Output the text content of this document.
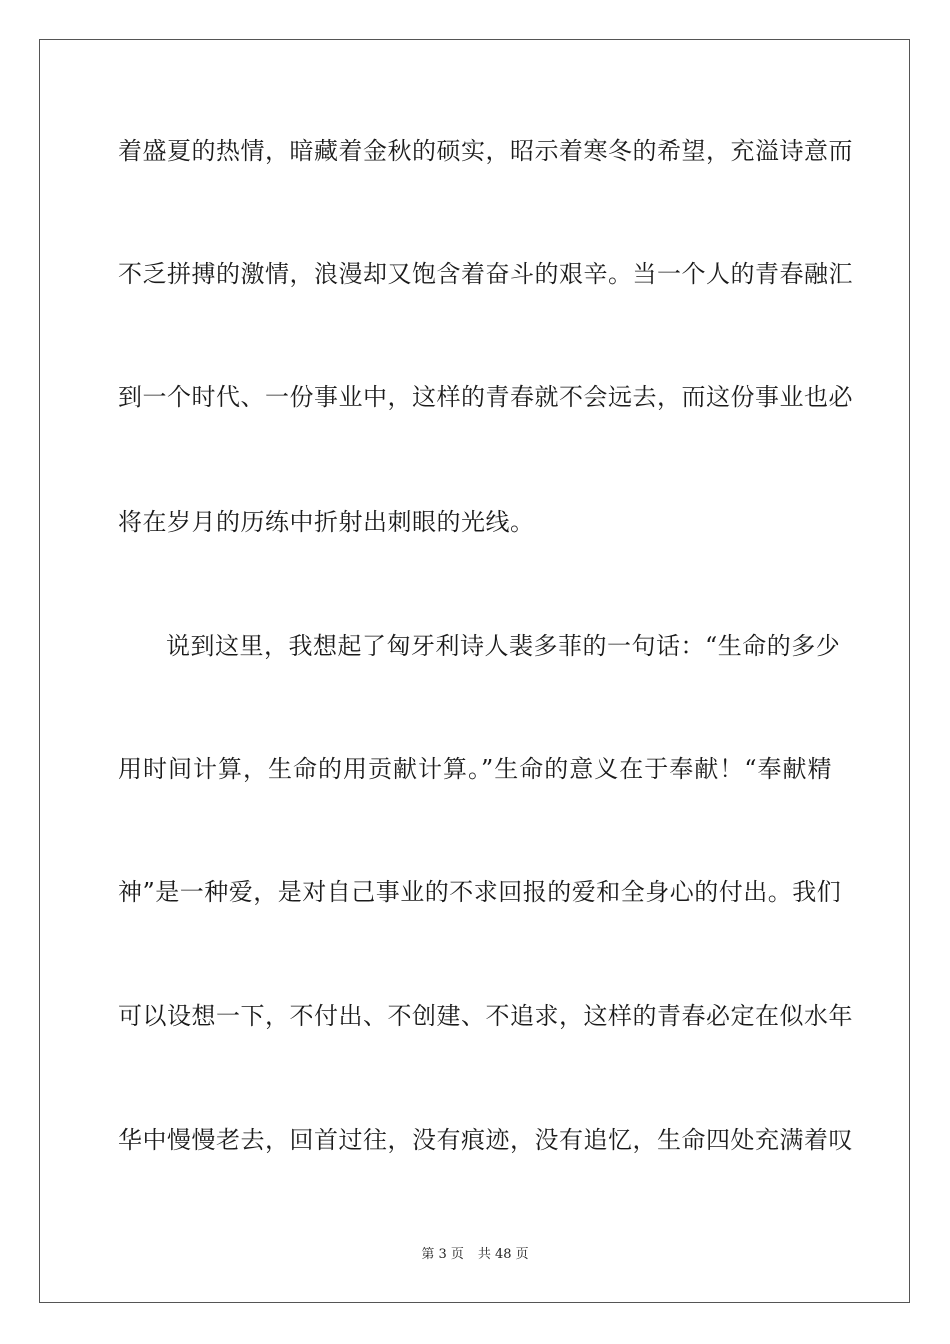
着盛夏的热情，暗藏着金秋的硕实，昭示着寒冬的希望，充溢诗意而
不乏拼搏的激情，浪漫却又饱含着奋斗的艰辛。当一个人的青春融汇
到一个时代、一份事业中，这样的青春就不会远去，而这份事业也必
将在岁月的历练中折射出刺眼的光线。
说到这里，我想起了匈牙利诗人裴多菲的一句话：“生命的多少
用时间计算，生命的用贡献计算。”生命的意义在于奉献！“奉献精
神”是一种爱，是对自己事业的不求回报的爱和全身心的付出。我们
可以设想一下，不付出、不创建、不追求，这样的青春必定在似水年
华中慢慢老去，回首过往，没有痕迹，没有追忆，生命四处充满着叹
第 3 页 共 48 页
